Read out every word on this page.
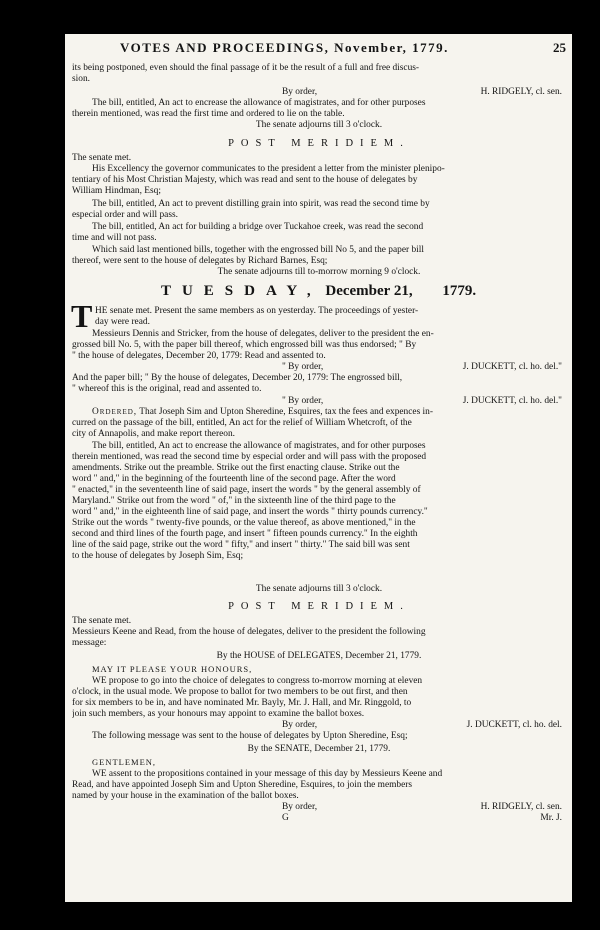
VOTES AND PROCEEDINGS, November, 1779.	25
its being postponed, even should the final passage of it be the result of a full and free discus-
sion.
By order,	H. RIDGELY, cl. sen.
The bill, entitled, An act to encrease the allowance of magistrates, and for other purposes
therein mentioned, was read the first time and ordered to lie on the table.
The senate adjourns till 3 o'clock.
POST MERIDIEM.
The senate met.
His Excellency the governor communicates to the president a letter from the minister plenipo-
tentiary of his Most Christian Majesty, which was read and sent to the house of delegates by
William Hindman, Esq;
The bill, entitled, An act to prevent distilling grain into spirit, was read the second time by
especial order and will pass.
The bill, entitled, An act for building a bridge over Tuckahoe creek, was read the second
time and will not pass.
Which said last mentioned bills, together with the engrossed bill No 5, and the paper bill
thereof, were sent to the house of delegates by Richard Barnes, Esq;
The senate adjourns till to-morrow morning 9 o'clock.
TUESDAY, December 21, 1779.
T HE senate met. Present the same members as on yesterday. The proceedings of yester-
day were read.
Messieurs Dennis and Stricker, from the house of delegates, deliver to the president the en-
grossed bill No. 5, with the paper bill thereof, which engrossed bill was thus endorsed; " By
" the house of delegates, December 20, 1779: Read and assented to.
" By order,	J. DUCKETT, cl. ho. del."
And the paper bill; " By the house of delegates, December 20, 1779: The engrossed bill,
" whereof this is the original, read and assented to.
" By order,	J. DUCKETT, cl. ho. del."
Ordered, That Joseph Sim and Upton Sheredine, Esquires, tax the fees and expences in-
curred on the passage of the bill, entitled, An act for the relief of William Whetcroft, of the
city of Annapolis, and make report thereon.
The bill, entitled, An act to encrease the allowance of magistrates, and for other purposes
therein mentioned, was read the second time by especial order and will pass with the proposed
amendments. Strike out the preamble. Strike out the first enacting clause. Strike out the
word " and," in the beginning of the fourteenth line of the second page. After the word
" enacted," in the seventeenth line of said page, insert the words " by the general assembly of
Maryland." Strike out from the word " of," in the sixteenth line of the third page to the
word " and," in the eighteenth line of said page, and insert the words " thirty pounds currency."
Strike out the words " twenty-five pounds, or the value thereof, as above mentioned," in the
second and third lines of the fourth page, and insert " fifteen pounds currency." In the eighth
line of the said page, strike out the word " fifty," and insert " thirty." The said bill was sent
to the house of delegates by Joseph Sim, Esq;
The senate adjourns till 3 o'clock.
POST MERIDIEM.
The senate met.
Messieurs Keene and Read, from the house of delegates, deliver to the president the following
message:
By the HOUSE of DELEGATES, December 21, 1779.
MAY IT PLEASE YOUR HONOURS,
WE propose to go into the choice of delegates to congress to-morrow morning at eleven
o'clock, in the usual mode. We propose to ballot for two members to be out first, and then
for six members to be in, and have nominated Mr. Bayly, Mr. J. Hall, and Mr. Ringgold, to
join such members, as your honours may appoint to examine the ballot boxes.
By order,	J. DUCKETT, cl. ho. del.
The following message was sent to the house of delegates by Upton Sheredine, Esq;
By the SENATE, December 21, 1779.
GENTLEMEN,
WE assent to the propositions contained in your message of this day by Messieurs Keene and
Read, and have appointed Joseph Sim and Upton Sheredine, Esquires, to join the members
named by your house in the examination of the ballot boxes.
By order,	H. RIDGELY, cl. sen.
G	Mr. J.
